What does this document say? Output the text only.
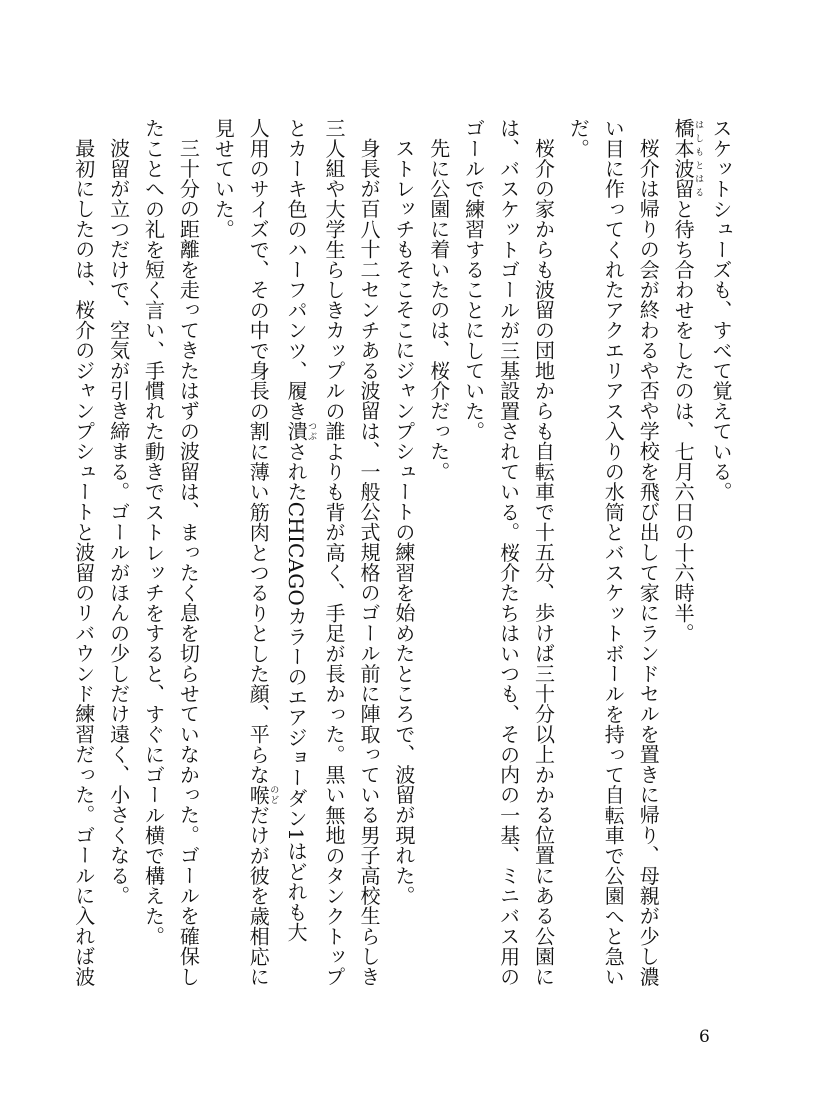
スケットシューズも、すべて覚えている。

橋本波留はしもとはると待ち合わせをしたのは、七月六日の十六時半。

桜介は帰りの会が終わるや否や学校を飛び出して家にランドセルを置きに帰り、母親が少し濃

い目に作ってくれたアクエリアス入りの水筒とバスケットボールを持って自転車で公園へと急い

だ。

桜介の家からも波留の団地からも自転車で十五分、歩けば三十分以上かかる位置にある公園に

は、バスケットゴールが三基設置されている。桜介たちはいつも、その内の一基、ミニバス用の

ゴールで練習することにしていた。

先に公園に着いたのは、桜介だった。

ストレッチもそこそこにジャンプシュートの練習を始めたところで、波留が現れた。

身長が百八十二センチある波留は、一般公式規格のゴール前に陣取っている男子高校生らしき

三人組や大学生らしきカップルの誰よりも背が高く、手足が長かった。黒い無地のタンクトップ

とカーキ色のハーフパンツ、履き潰つぶされたCHICAGOカラーのエアジョーダン1はどれも大

人用のサイズで、その中で身長の割に薄い筋肉とつるりとした顔、平らな喉のどだけが彼を歳相応に

見せていた。

三十分の距離を走ってきたはずの波留は、まったく息を切らせていなかった。ゴールを確保し

たことへの礼を短く言い、手慣れた動きでストレッチをすると、すぐにゴール横で構えた。

波留が立つだけで、空気が引き締まる。ゴールがほんの少しだけ遠く、小さくなる。

最初にしたのは、桜介のジャンプシュートと波留のリバウンド練習だった。ゴールに入れば波

6
